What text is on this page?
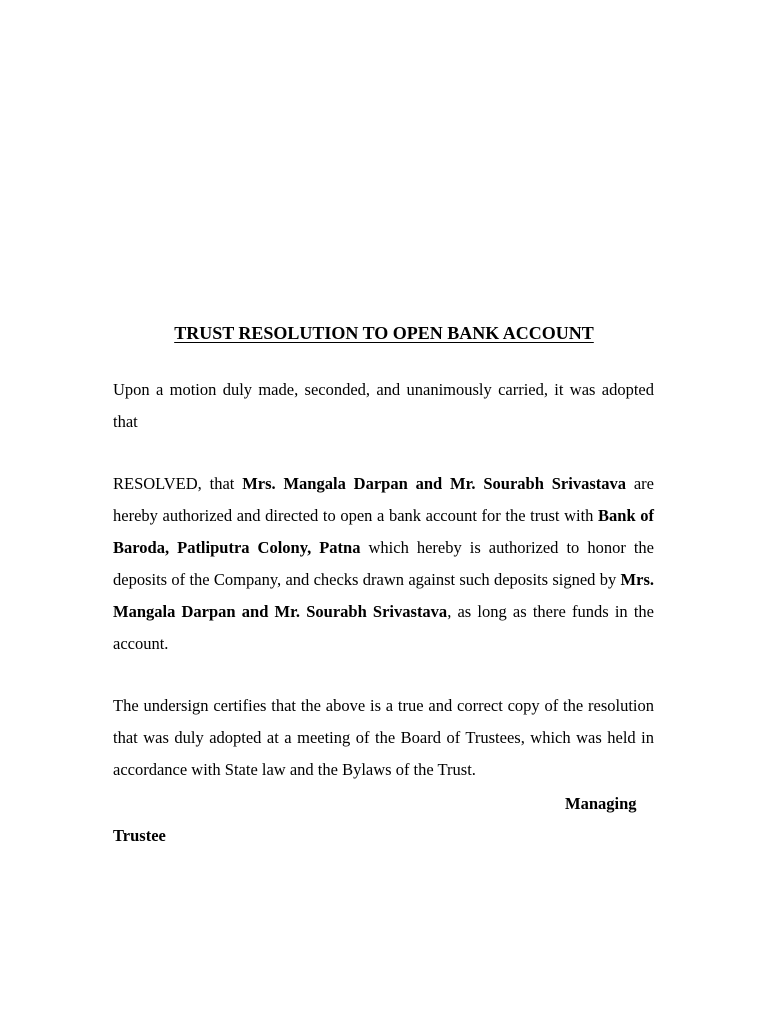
TRUST RESOLUTION TO OPEN BANK ACCOUNT

Upon a motion duly made, seconded, and unanimously carried, it was adopted that

RESOLVED, that Mrs. Mangala Darpan and Mr. Sourabh Srivastava are hereby authorized and directed to open a bank account for the trust with Bank of Baroda, Patliputra Colony, Patna which hereby is authorized to honor the deposits of the Company, and checks drawn against such deposits signed by Mrs. Mangala Darpan and Mr. Sourabh Srivastava, as long as there funds in the account.

The undersign certifies that the above is a true and correct copy of the resolution that was duly adopted at a meeting of the Board of Trustees, which was held in accordance with State law and the Bylaws of the Trust.

Managing
Trustee
